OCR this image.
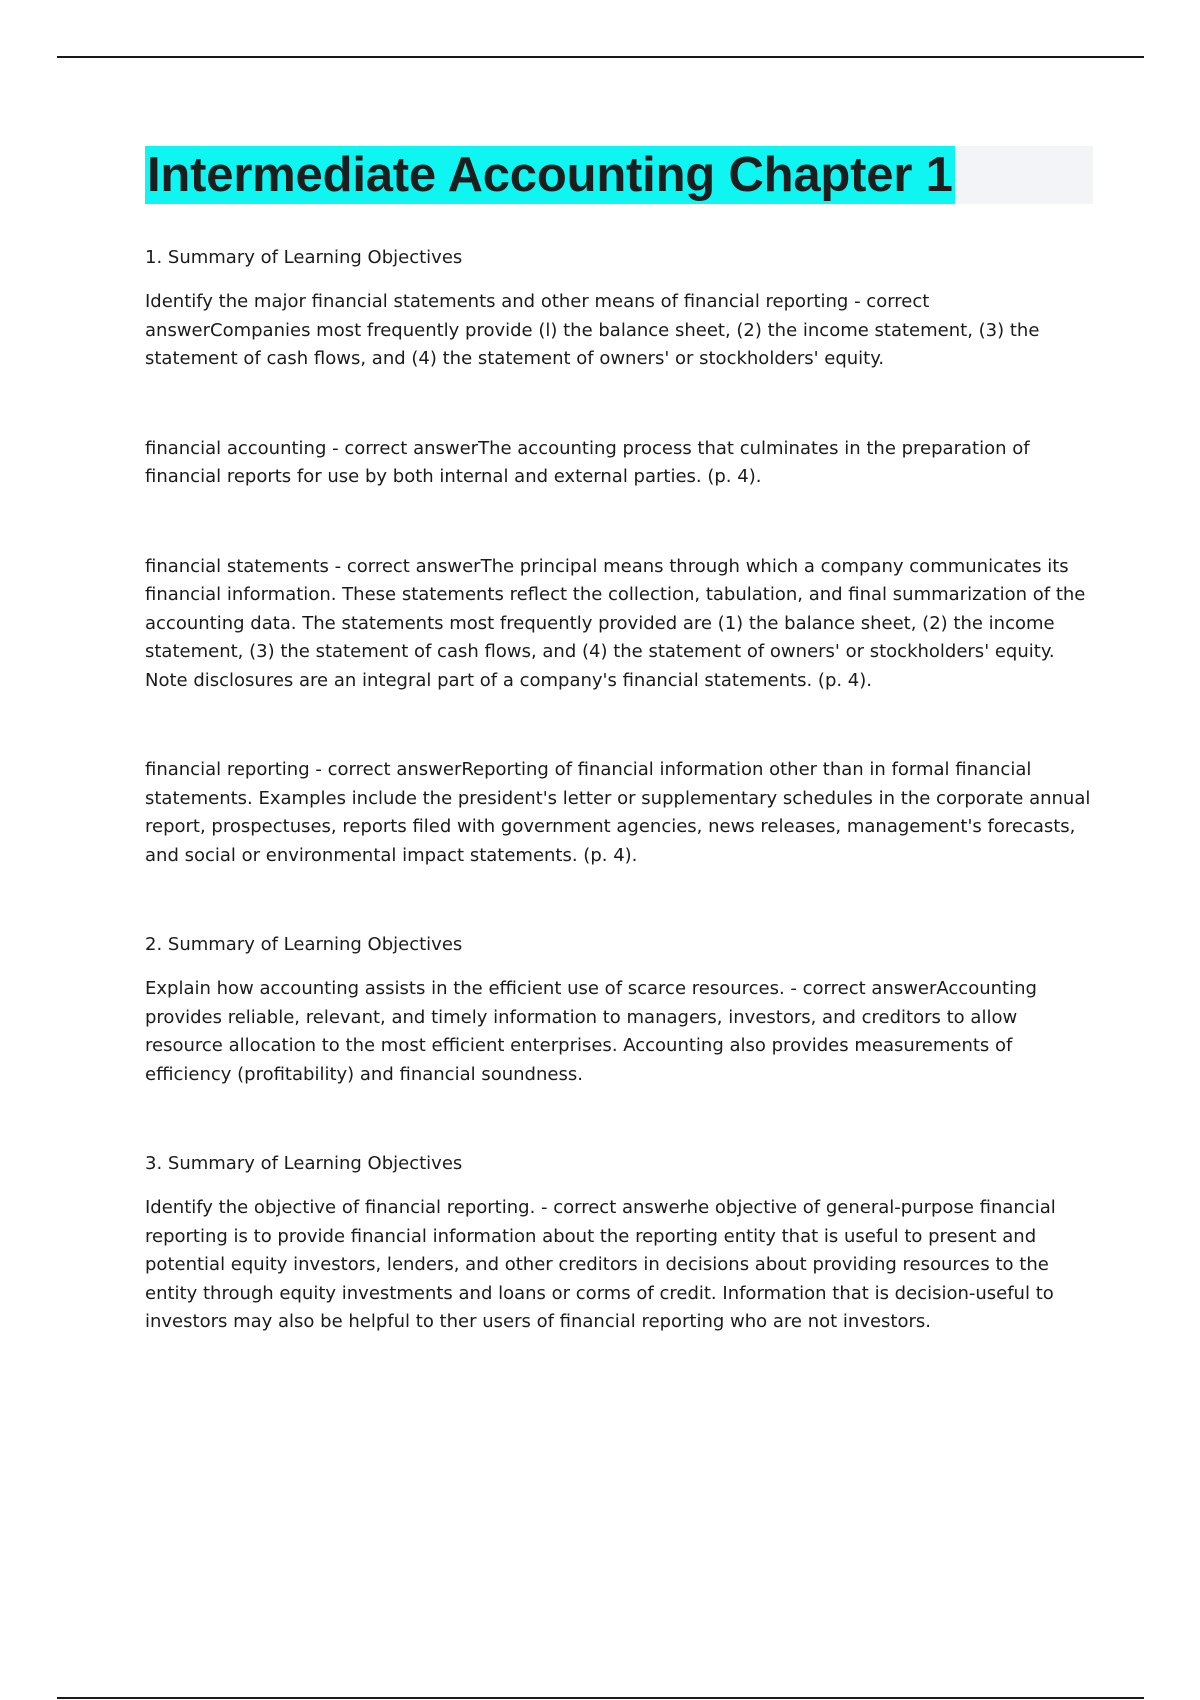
Intermediate Accounting Chapter 1
1. Summary of Learning Objectives
Identify the major financial statements and other means of financial reporting - correct answerCompanies most frequently provide (l) the balance sheet, (2) the income statement, (3) the statement of cash flows, and (4) the statement of owners' or stockholders' equity.
financial accounting - correct answerThe accounting process that culminates in the preparation of financial reports for use by both internal and external parties. (p. 4).
financial statements - correct answerThe principal means through which a company communicates its financial information. These statements reflect the collection, tabulation, and final summarization of the accounting data. The statements most frequently provided are (1) the balance sheet, (2) the income statement, (3) the statement of cash flows, and (4) the statement of owners' or stockholders' equity. Note disclosures are an integral part of a company's financial statements. (p. 4).
financial reporting - correct answerReporting of financial information other than in formal financial statements. Examples include the president's letter or supplementary schedules in the corporate annual report, prospectuses, reports filed with government agencies, news releases, management's forecasts, and social or environmental impact statements. (p. 4).
2. Summary of Learning Objectives
Explain how accounting assists in the efficient use of scarce resources. - correct answerAccounting provides reliable, relevant, and timely information to managers, investors, and creditors to allow resource allocation to the most efficient enterprises. Accounting also provides measurements of efficiency (profitability) and financial soundness.
3. Summary of Learning Objectives
Identify the objective of financial reporting. - correct answerhe objective of general-purpose financial reporting is to provide financial information about the reporting entity that is useful to present and potential equity investors, lenders, and other creditors in decisions about providing resources to the entity through equity investments and loans or corms of credit. Information that is decision-useful to investors may also be helpful to ther users of financial reporting who are not investors.
